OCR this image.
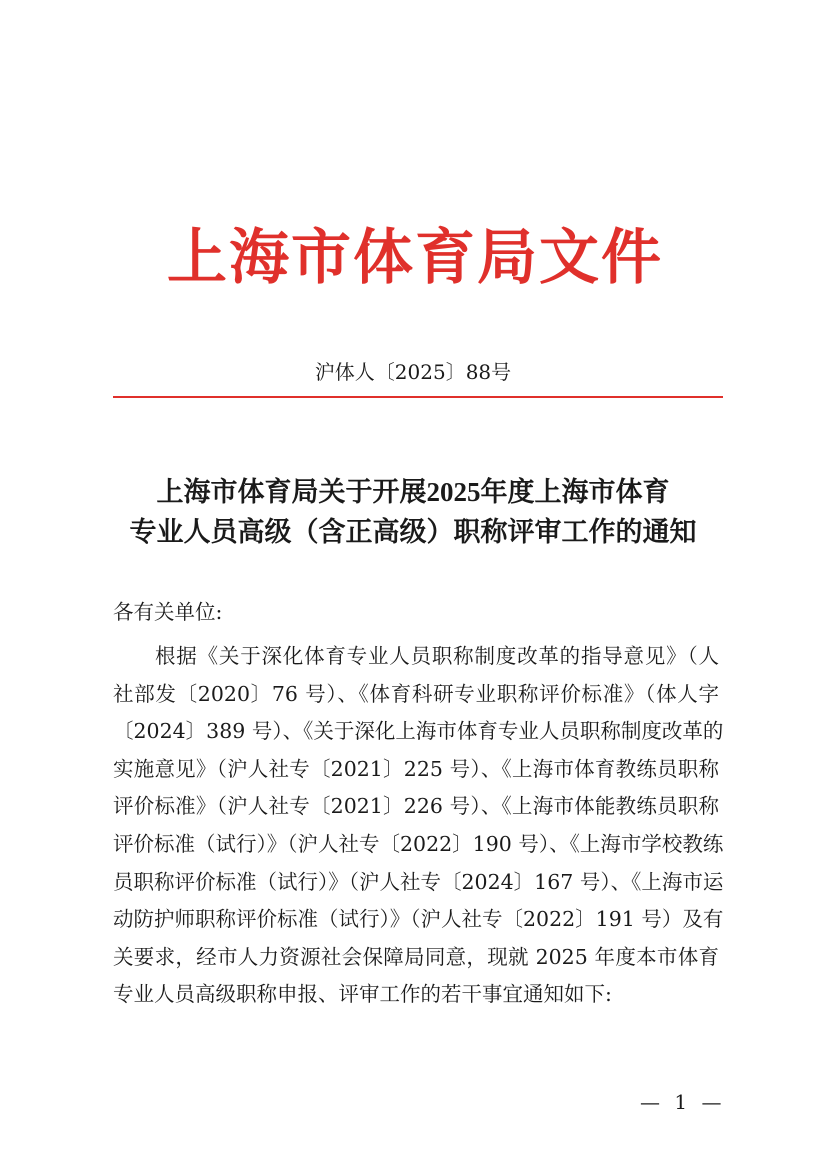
上海市体育局文件
沪体人〔2025〕88号
上海市体育局关于开展2025年度上海市体育
专业人员高级（含正高级）职称评审工作的通知
各有关单位:
根据《关于深化体育专业人员职称制度改革的指导意见》（人
社部发〔2020〕76 号）、《体育科研专业职称评价标准》（体人字
〔2024〕389 号）、《关于深化上海市体育专业人员职称制度改革的
实施意见》（沪人社专〔2021〕225 号）、《上海市体育教练员职称
评价标准》（沪人社专〔2021〕226 号）、《上海市体能教练员职称
评价标准（试行）》（沪人社专〔2022〕190 号）、《上海市学校教练
员职称评价标准（试行）》（沪人社专〔2024〕167 号）、《上海市运
动防护师职称评价标准（试行）》（沪人社专〔2022〕191 号）及有
关要求，经市人力资源社会保障局同意，现就 2025 年度本市体育
专业人员高级职称申报、评审工作的若干事宜通知如下:
— 1 —
